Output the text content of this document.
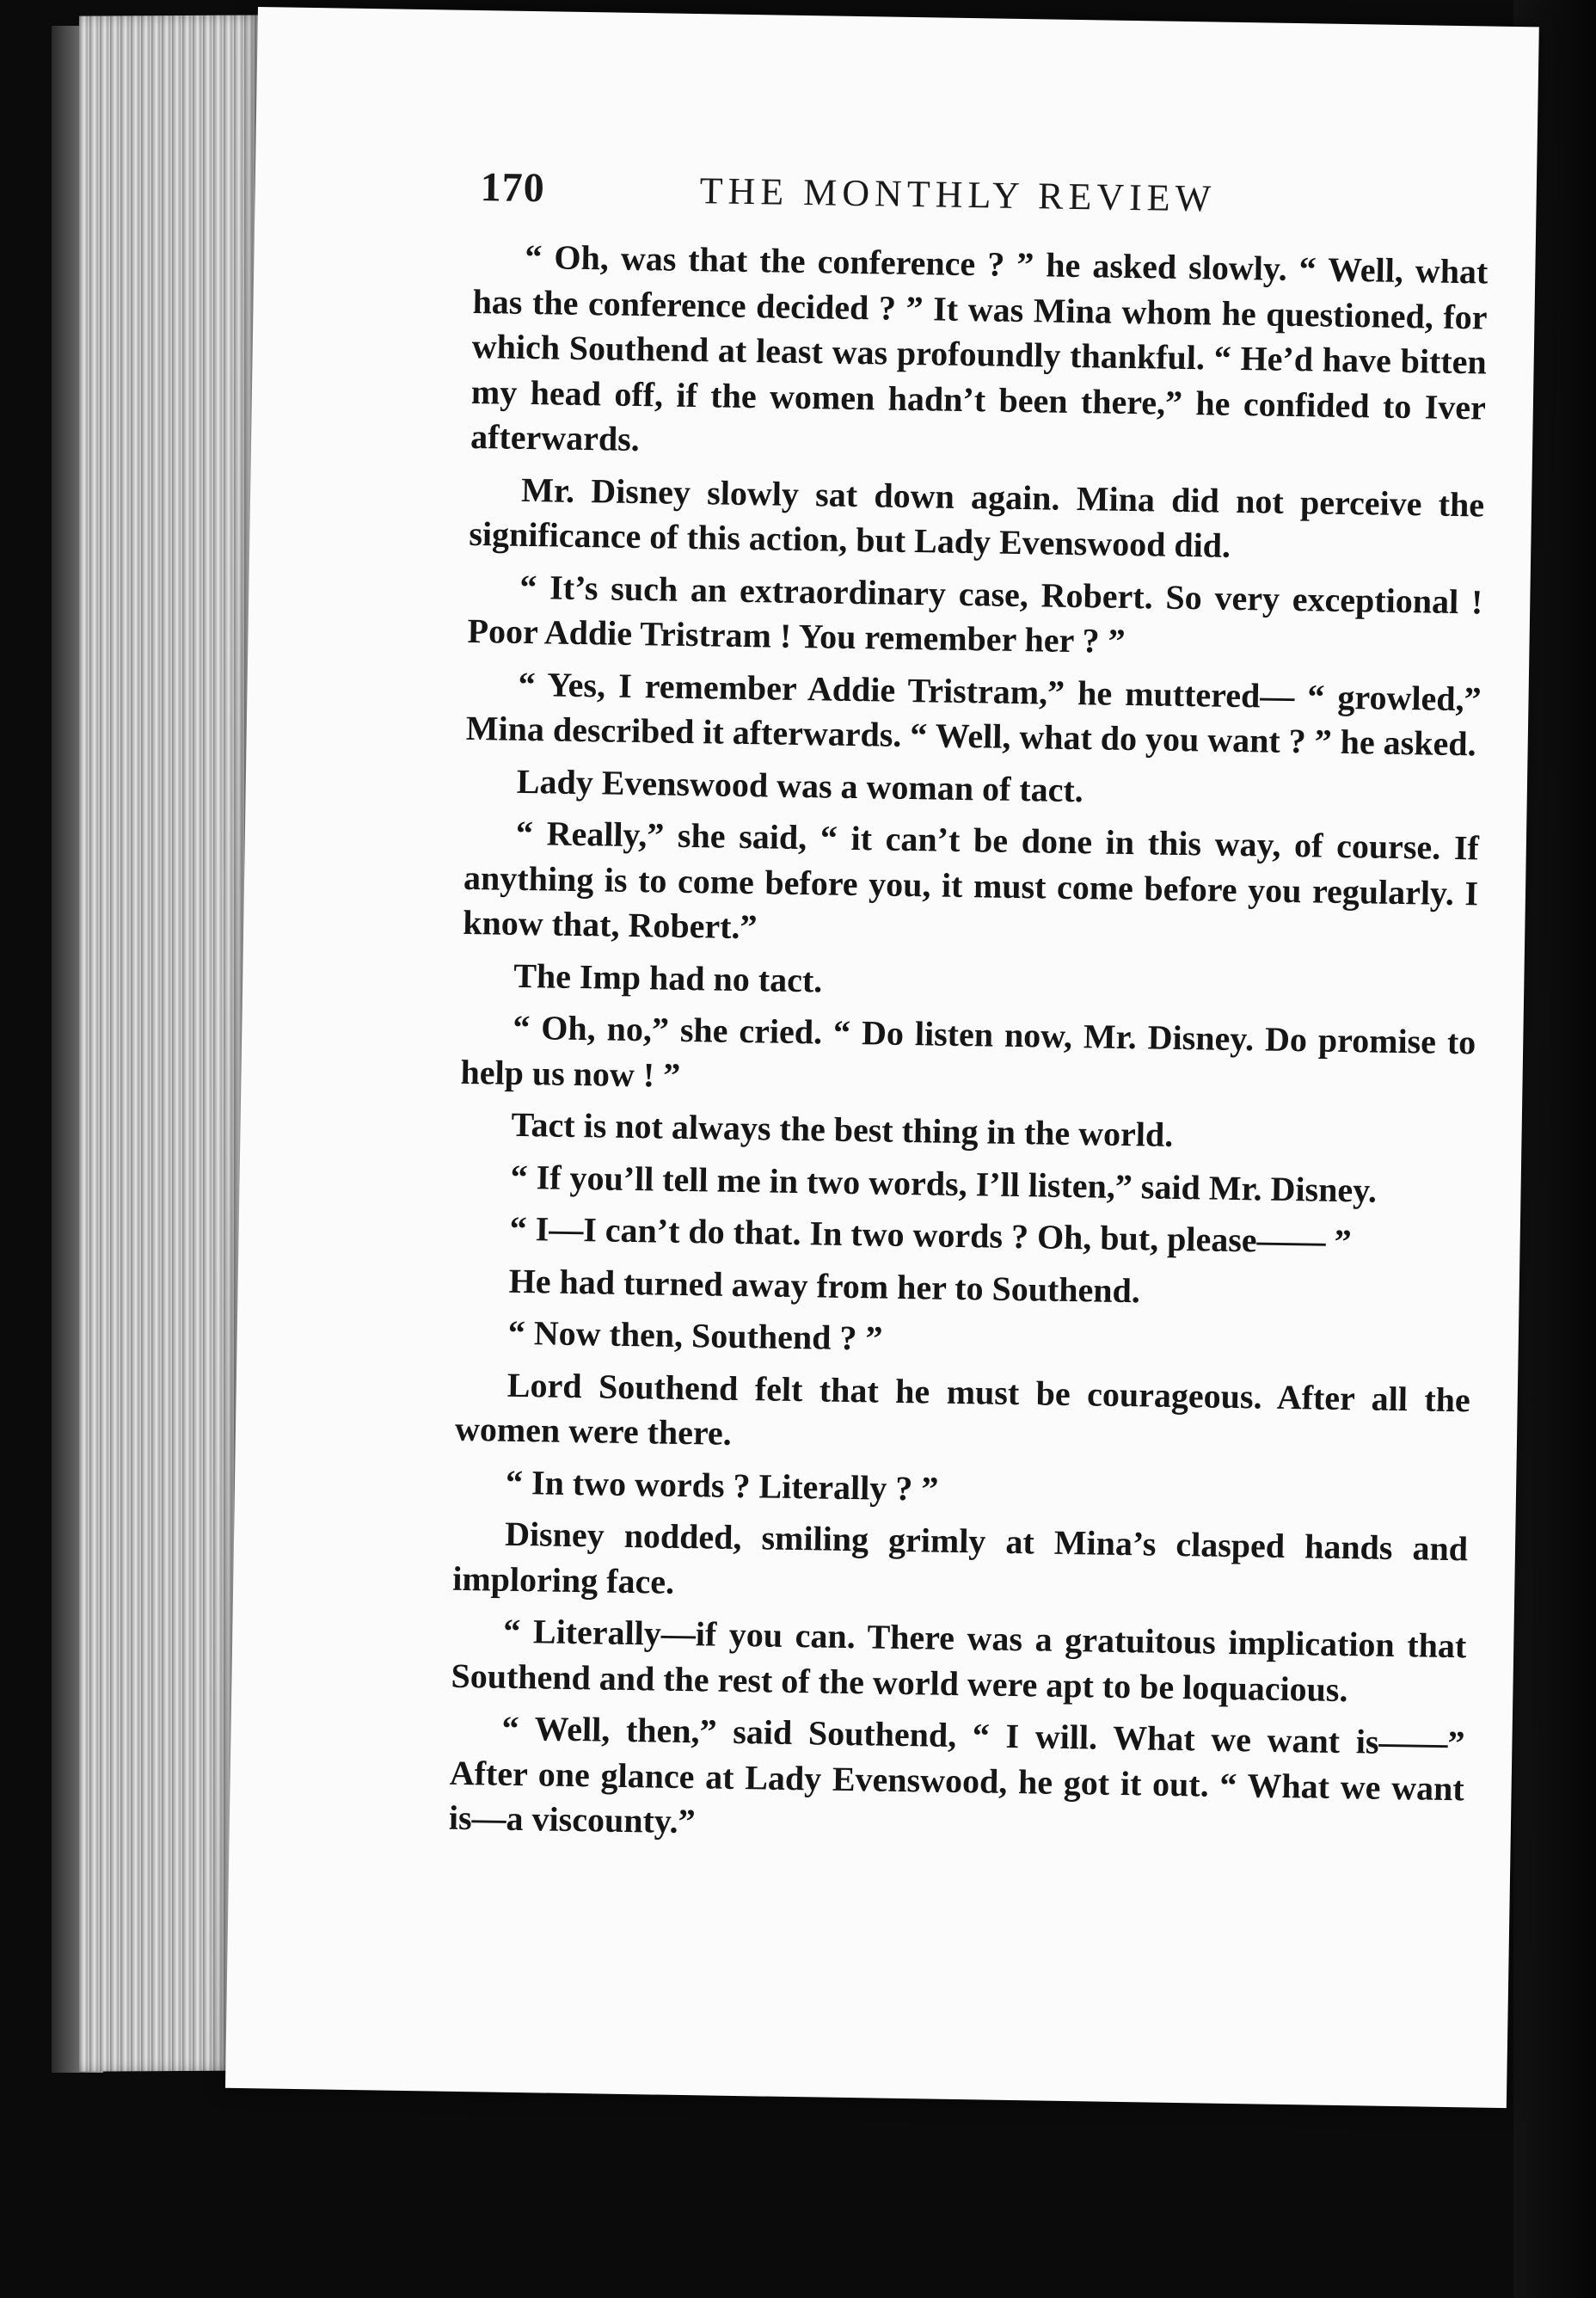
170	THE MONTHLY REVIEW

“ Oh, was that the conference ? ” he asked slowly. “ Well, what has the conference decided ? ” It was Mina whom he questioned, for which Southend at least was profoundly thankful. “ He’d have bitten my head off, if the women hadn’t been there,” he confided to Iver afterwards.

Mr. Disney slowly sat down again. Mina did not perceive the significance of this action, but Lady Evenswood did.

“ It’s such an extraordinary case, Robert. So very exceptional ! Poor Addie Tristram ! You remember her ? ”

“ Yes, I remember Addie Tristram,” he muttered— “ growled,” Mina described it afterwards. “ Well, what do you want ? ” he asked.

Lady Evenswood was a woman of tact.

“ Really,” she said, “ it can’t be done in this way, of course. If anything is to come before you, it must come before you regularly. I know that, Robert.”

The Imp had no tact.

“ Oh, no,” she cried. “ Do listen now, Mr. Disney. Do promise to help us now ! ”

Tact is not always the best thing in the world.

“ If you’ll tell me in two words, I’ll listen,” said Mr. Disney.

“ I—I can’t do that. In two words ? Oh, but, please—— ”

He had turned away from her to Southend.

“ Now then, Southend ? ”

Lord Southend felt that he must be courageous. After all the women were there.

“ In two words ? Literally ? ”

Disney nodded, smiling grimly at Mina’s clasped hands and imploring face.

“ Literally—if you can. There was a gratuitous implication that Southend and the rest of the world were apt to be loquacious.

“ Well, then,” said Southend, “ I will. What we want is——” After one glance at Lady Evenswood, he got it out. “ What we want is—a viscounty.”
